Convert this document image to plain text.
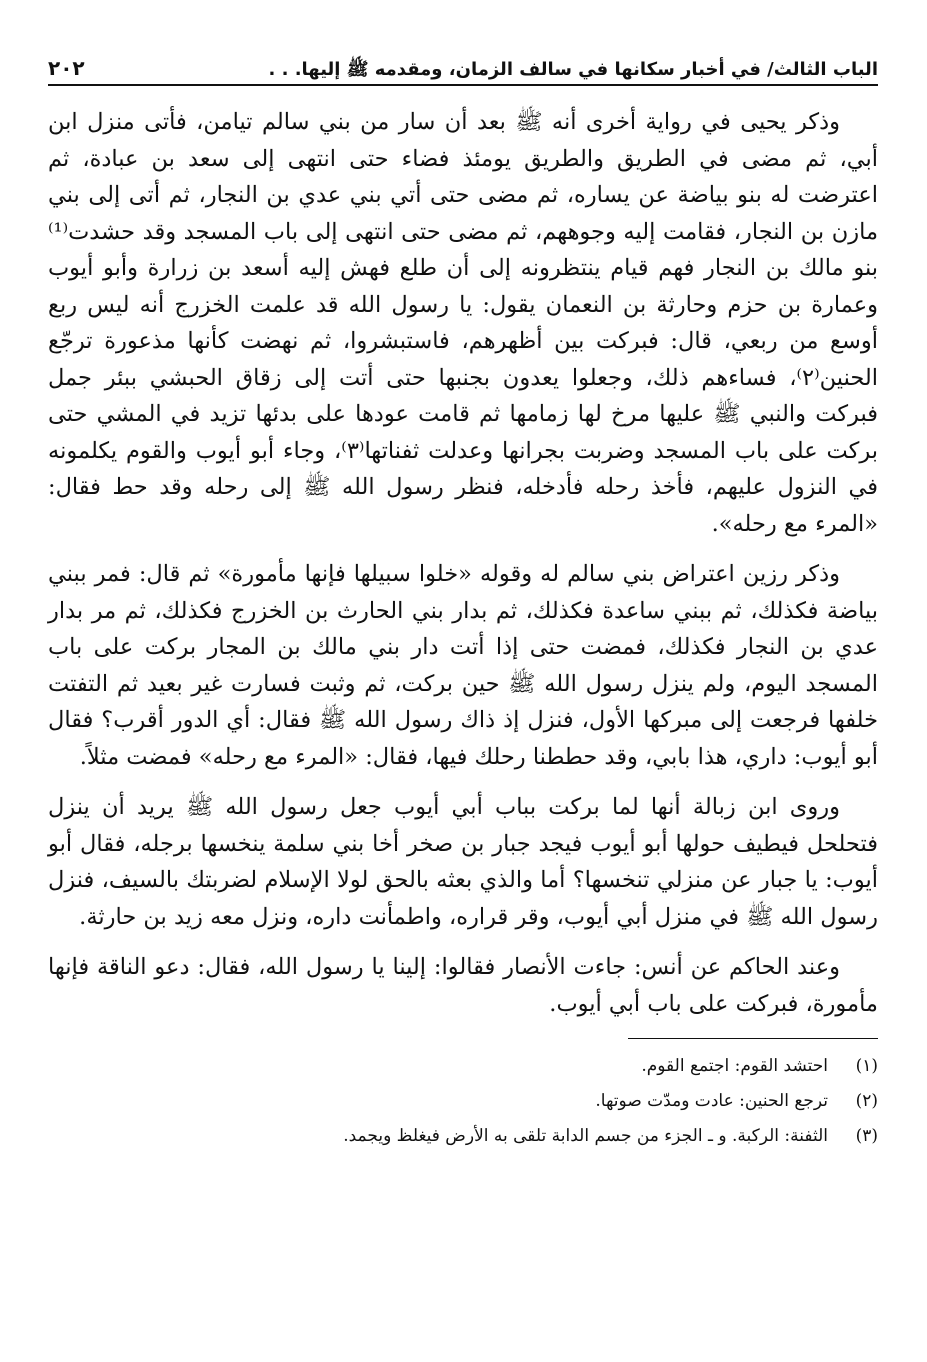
الباب الثالث/ في أخبار سكانها في سالف الزمان، ومقدمه ﷺ إليها. . .
٢٠٢

وذكر يحيى في رواية أخرى أنه ﷺ بعد أن سار من بني سالم تيامن، فأتى منزل ابن أبي، ثم مضى في الطريق والطريق يومئذ فضاء حتى انتهى إلى سعد بن عبادة، ثم اعترضت له بنو بياضة عن يساره، ثم مضى حتى أتي بني عدي بن النجار، ثم أتى إلى بني مازن بن النجار، فقامت إليه وجوههم، ثم مضى حتى انتهى إلى باب المسجد وقد حشدت⁽¹⁾ بنو مالك بن النجار فهم قيام ينتظرونه إلى أن طلع فهش إليه أسعد بن زرارة وأبو أيوب وعمارة بن حزم وحارثة بن النعمان يقول: يا رسول الله قد علمت الخزرج أنه ليس ربع أوسع من ربعي، قال: فبركت بين أظهرهم، فاستبشروا، ثم نهضت كأنها مذعورة ترجّع الحنين⁽٢⁾، فساءهم ذلك، وجعلوا يعدون بجنبها حتى أتت إلى زقاق الحبشي ببئر جمل فبركت والنبي ﷺ عليها مرخ لها زمامها ثم قامت عودها على بدئها تزيد في المشي حتى بركت على باب المسجد وضربت بجرانها وعدلت ثفناتها⁽٣⁾، وجاء أبو أيوب والقوم يكلمونه في النزول عليهم، فأخذ رحله فأدخله، فنظر رسول الله ﷺ إلى رحله وقد حط فقال: «المرء مع رحله».

وذكر رزين اعتراض بني سالم له وقوله «خلوا سبيلها فإنها مأمورة» ثم قال: فمر ببني بياضة فكذلك، ثم ببني ساعدة فكذلك، ثم بدار بني الحارث بن الخزرج فكذلك، ثم مر بدار عدي بن النجار فكذلك، فمضت حتى إذا أتت دار بني مالك بن المجار بركت على باب المسجد اليوم، ولم ينزل رسول الله ﷺ حين بركت، ثم وثبت فسارت غير بعيد ثم التفتت خلفها فرجعت إلى مبركها الأول، فنزل إذ ذاك رسول الله ﷺ فقال: أي الدور أقرب؟ فقال أبو أيوب: داري، هذا بابي، وقد حططنا رحلك فيها، فقال: «المرء مع رحله» فمضت مثلاً.

وروى ابن زبالة أنها لما بركت بباب أبي أيوب جعل رسول الله ﷺ يريد أن ينزل فتحلحل فيطيف حولها أبو أيوب فيجد جبار بن صخر أخا بني سلمة ينخسها برجله، فقال أبو أيوب: يا جبار عن منزلي تنخسها؟ أما والذي بعثه بالحق لولا الإسلام لضربتك بالسيف، فنزل رسول الله ﷺ في منزل أبي أيوب، وقر قراره، واطمأنت داره، ونزل معه زيد بن حارثة.

وعند الحاكم عن أنس: جاءت الأنصار فقالوا: إلينا يا رسول الله، فقال: دعو الناقة فإنها مأمورة، فبركت على باب أبي أيوب.

(١)
احتشد القوم: اجتمع القوم.
(٢)
ترجع الحنين: عادت ومدّت صوتها.
(٣)
الثفنة: الركبة. و ـ الجزء من جسم الدابة تلقى به الأرض فيغلظ ويجمد.
